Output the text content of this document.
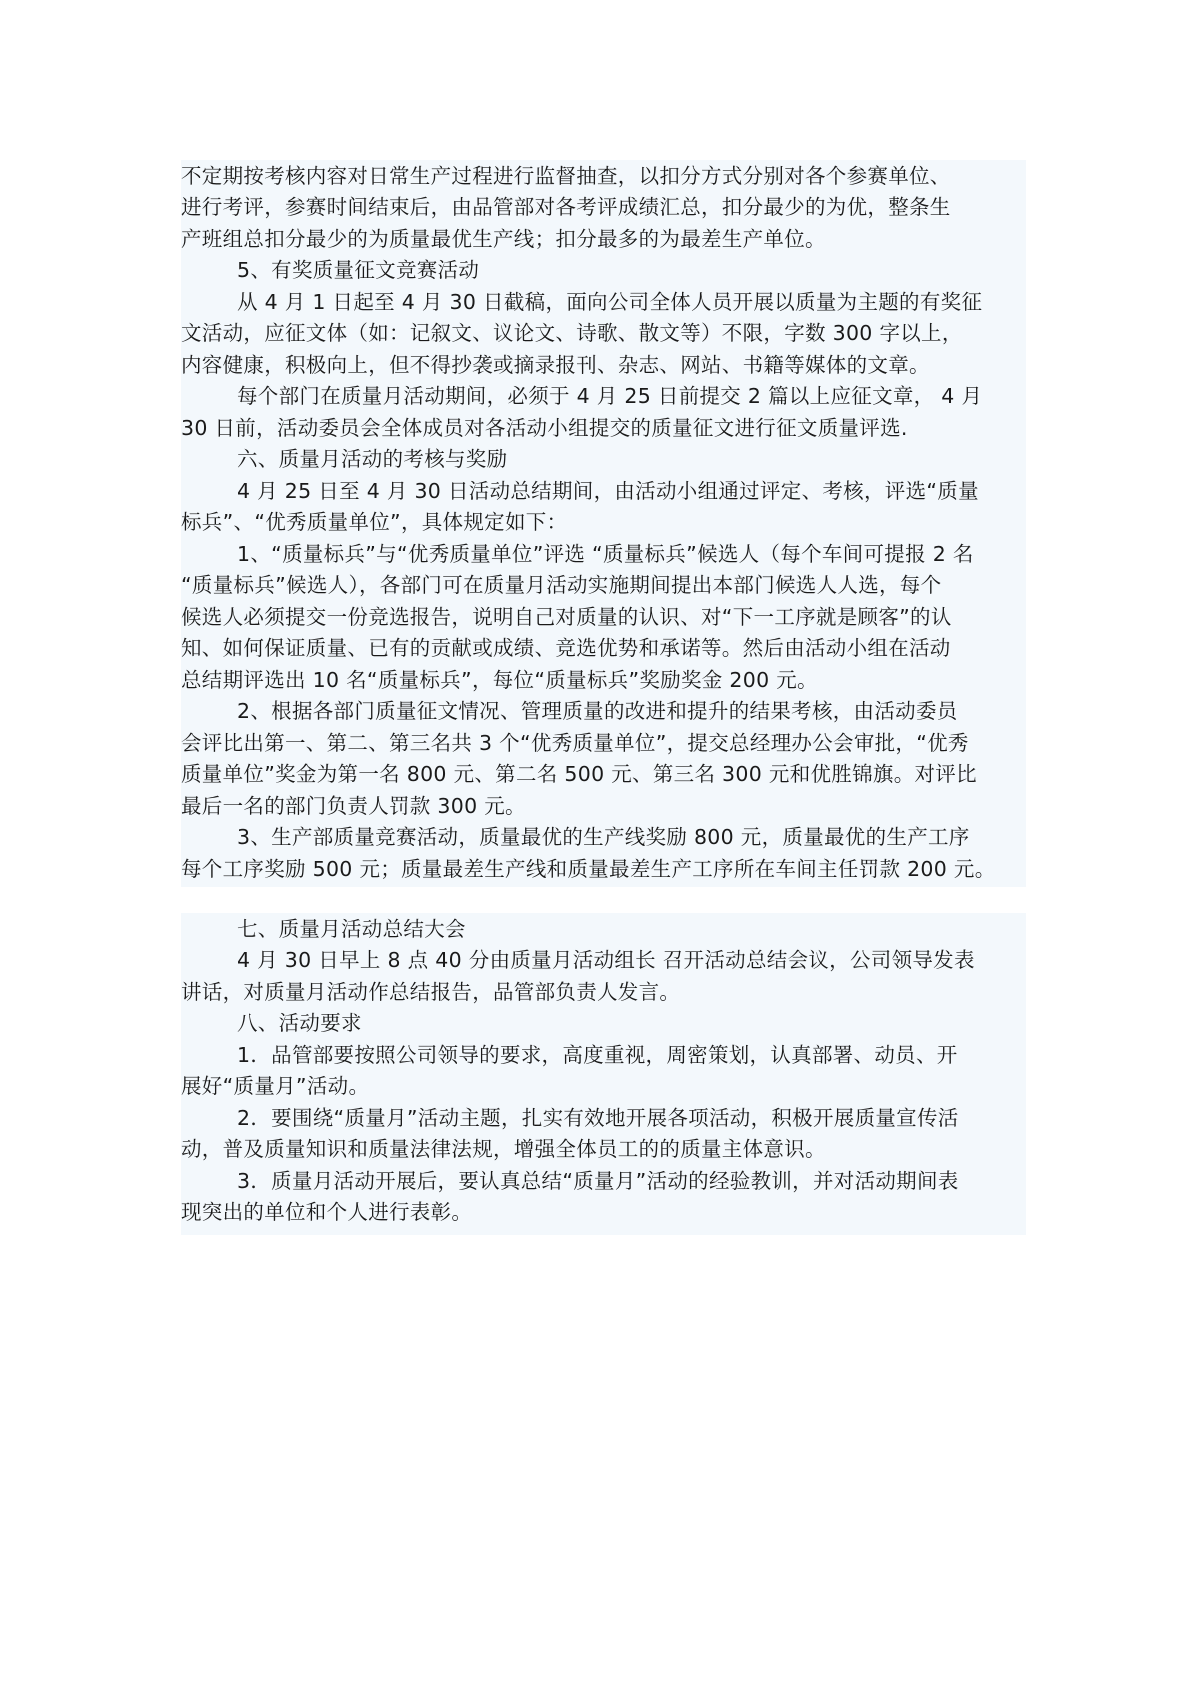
不定期按考核内容对日常生产过程进行监督抽查，以扣分方式分别对各个参赛单位、
进行考评，参赛时间结束后，由品管部对各考评成绩汇总，扣分最少的为优，整条生
产班组总扣分最少的为质量最优生产线；扣分最多的为最差生产单位。
5、有奖质量征文竞赛活动
从 4 月 1 日起至 4 月 30 日截稿，面向公司全体人员开展以质量为主题的有奖征
文活动，应征文体（如：记叙文、议论文、诗歌、散文等）不限，字数 300 字以上，
内容健康，积极向上，但不得抄袭或摘录报刊、杂志、网站、书籍等媒体的文章。
每个部门在质量月活动期间，必须于 4 月 25 日前提交 2 篇以上应征文章， 4 月
30 日前，活动委员会全体成员对各活动小组提交的质量征文进行征文质量评选.
六、质量月活动的考核与奖励
4 月 25 日至 4 月 30 日活动总结期间，由活动小组通过评定、考核，评选“质量
标兵”、“优秀质量单位”，具体规定如下：
1、“质量标兵”与“优秀质量单位”评选 “质量标兵”候选人（每个车间可提报 2 名
“质量标兵”候选人），各部门可在质量月活动实施期间提出本部门候选人人选，每个
候选人必须提交一份竞选报告，说明自己对质量的认识、对“下一工序就是顾客”的认
知、如何保证质量、已有的贡献或成绩、竞选优势和承诺等。然后由活动小组在活动
总结期评选出 10 名“质量标兵”，每位“质量标兵”奖励奖金 200 元。
2、根据各部门质量征文情况、管理质量的改进和提升的结果考核，由活动委员
会评比出第一、第二、第三名共 3 个“优秀质量单位”，提交总经理办公会审批，“优秀
质量单位”奖金为第一名 800 元、第二名 500 元、第三名 300 元和优胜锦旗。对评比
最后一名的部门负责人罚款 300 元。
3、生产部质量竞赛活动，质量最优的生产线奖励 800 元，质量最优的生产工序
每个工序奖励 500 元；质量最差生产线和质量最差生产工序所在车间主任罚款 200 元。
七、质量月活动总结大会
4 月 30 日早上 8 点 40 分由质量月活动组长 召开活动总结会议，公司领导发表
讲话，对质量月活动作总结报告，品管部负责人发言。
八、活动要求
1．品管部要按照公司领导的要求，高度重视，周密策划，认真部署、动员、开
展好“质量月”活动。
2．要围绕“质量月”活动主题，扎实有效地开展各项活动，积极开展质量宣传活
动，普及质量知识和质量法律法规，增强全体员工的的质量主体意识。
3．质量月活动开展后，要认真总结“质量月”活动的经验教训，并对活动期间表
现突出的单位和个人进行表彰。
